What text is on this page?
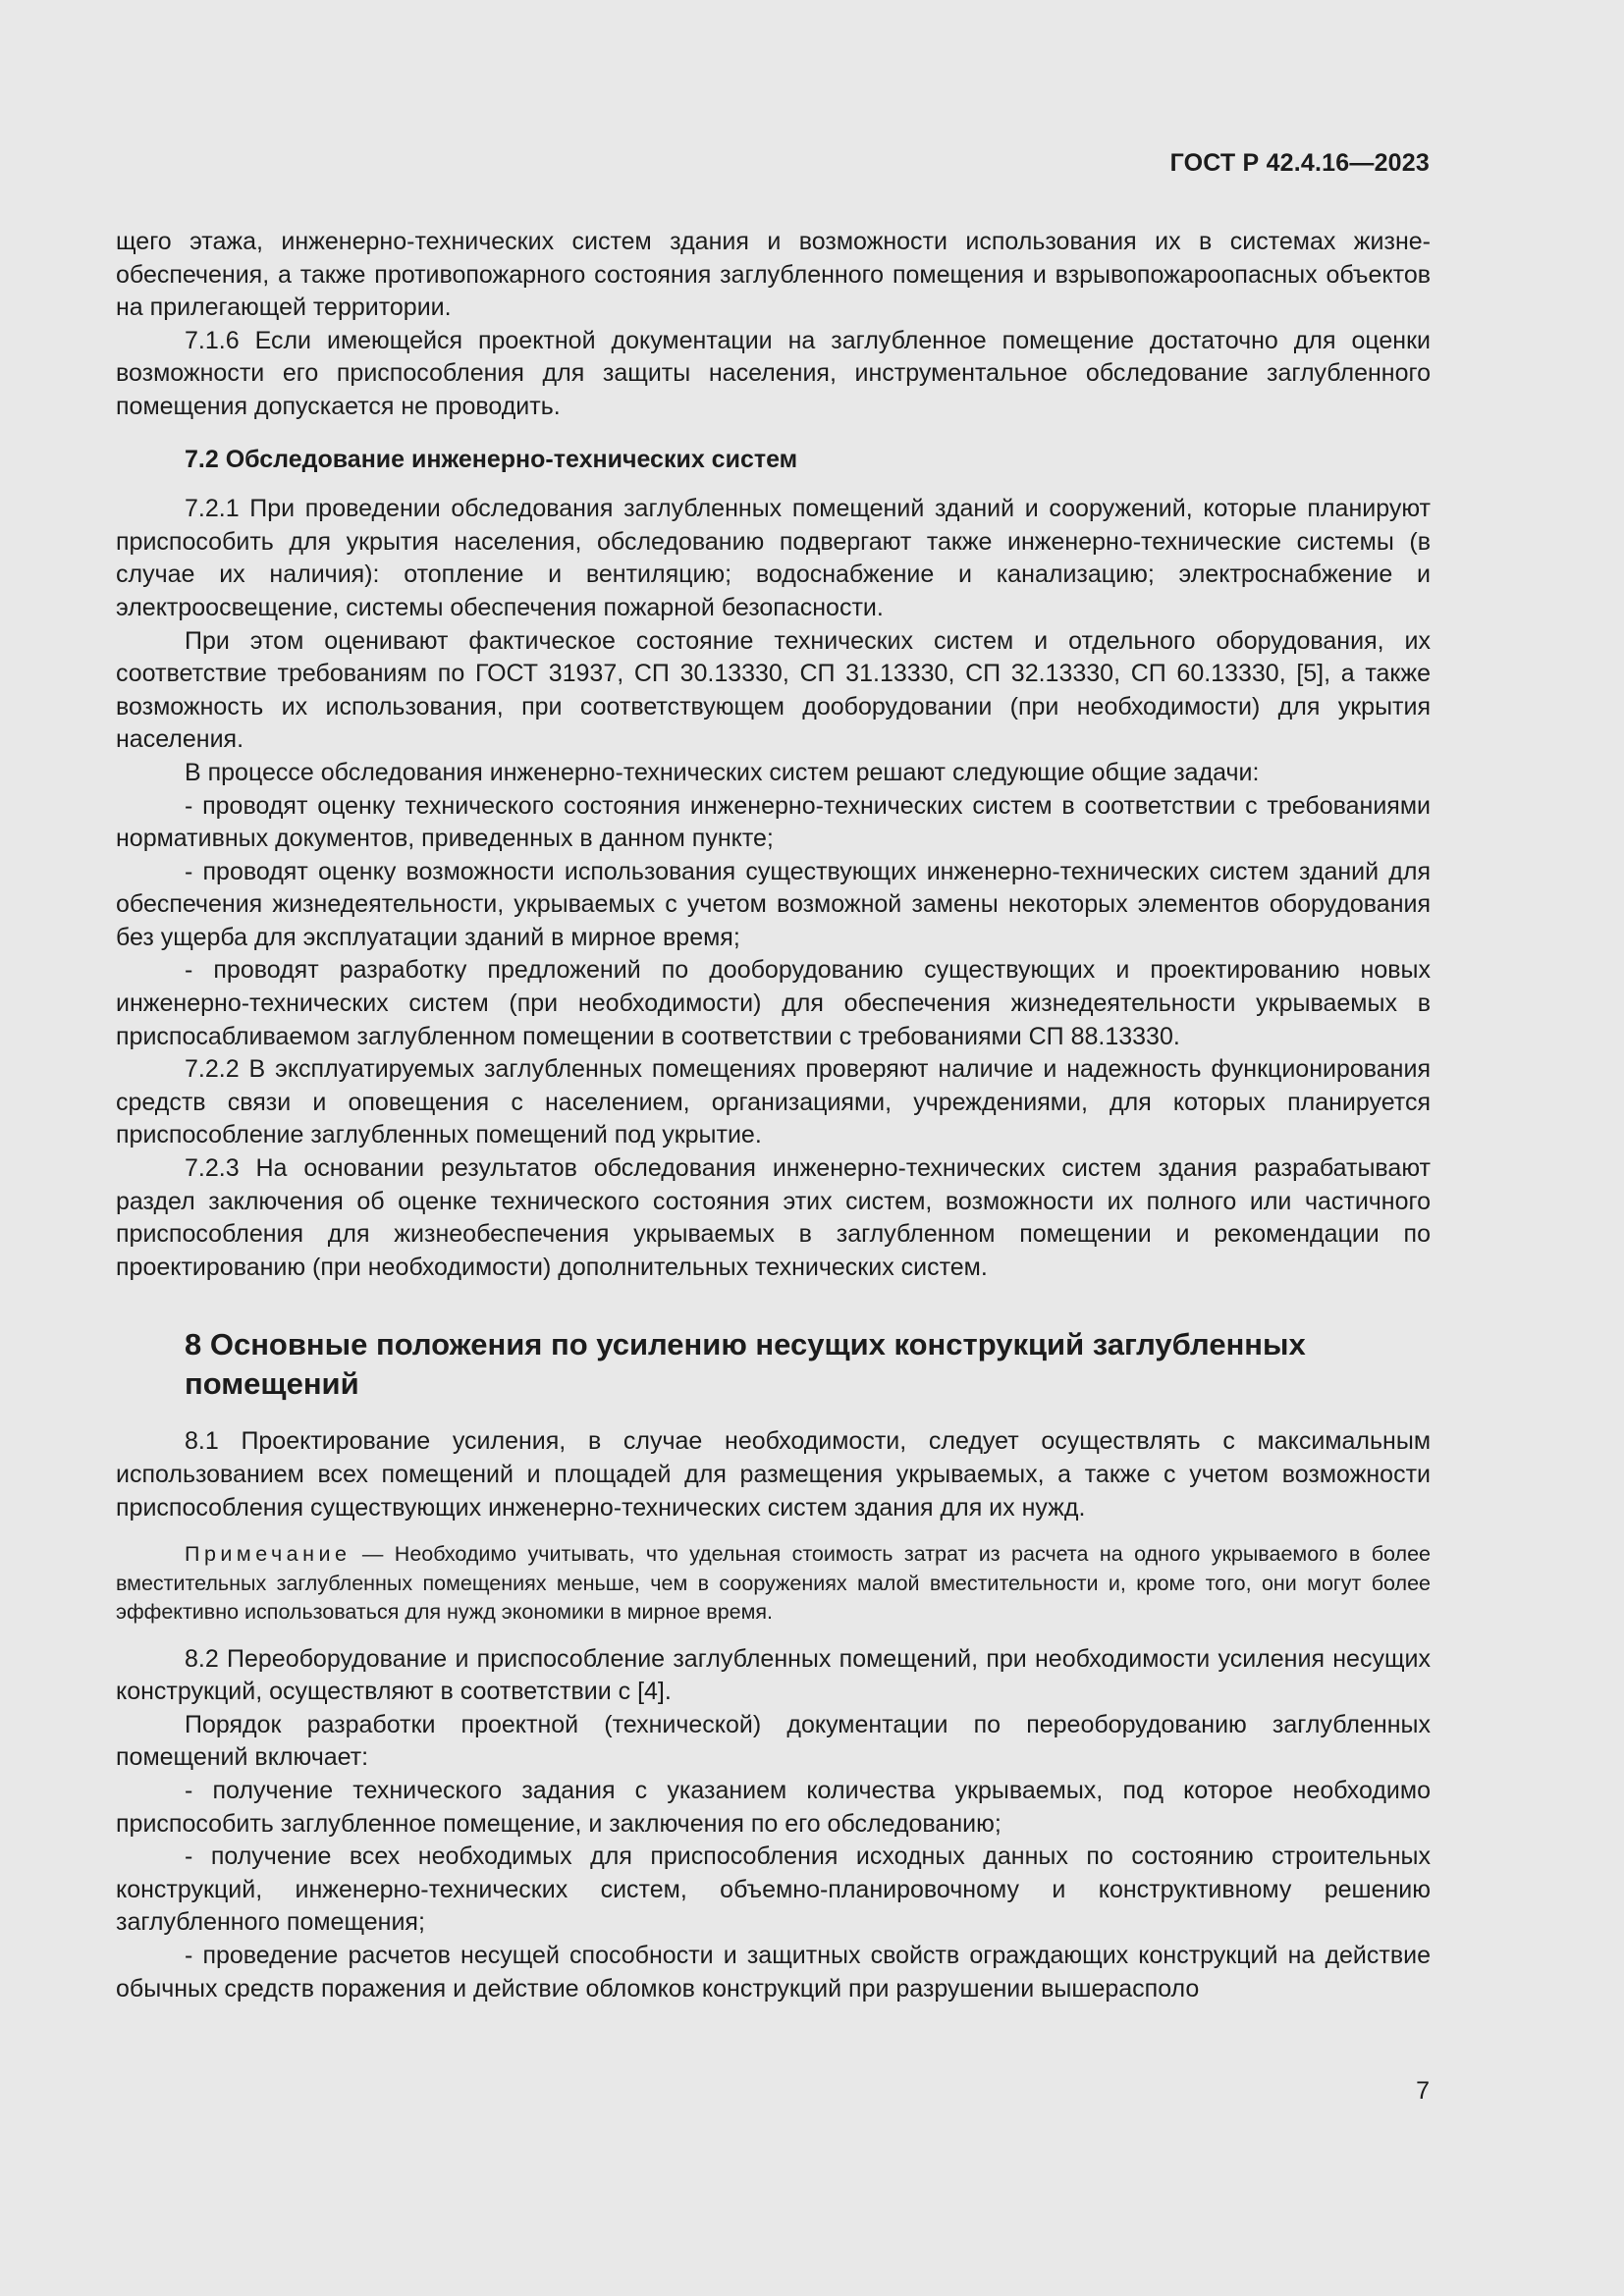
ГОСТ Р 42.4.16—2023

щего этажа, инженерно-технических систем здания и возможности использования их в системах жизнеобеспечения, а также противопожарного состояния заглубленного помещения и взрывопожароопасных объектов на прилегающей территории.

7.1.6 Если имеющейся проектной документации на заглубленное помещение достаточно для оценки возможности его приспособления для защиты населения, инструментальное обследование заглубленного помещения допускается не проводить.

7.2 Обследование инженерно-технических систем

7.2.1 При проведении обследования заглубленных помещений зданий и сооружений, которые планируют приспособить для укрытия населения, обследованию подвергают также инженерно-технические системы (в случае их наличия): отопление и вентиляцию; водоснабжение и канализацию; электроснабжение и электроосвещение, системы обеспечения пожарной безопасности.

При этом оценивают фактическое состояние технических систем и отдельного оборудования, их соответствие требованиям по ГОСТ 31937, СП 30.13330, СП 31.13330, СП 32.13330, СП 60.13330, [5], а также возможность их использования, при соответствующем дооборудовании (при необходимости) для укрытия населения.

В процессе обследования инженерно-технических систем решают следующие общие задачи:

- проводят оценку технического состояния инженерно-технических систем в соответствии с требованиями нормативных документов, приведенных в данном пункте;

- проводят оценку возможности использования существующих инженерно-технических систем зданий для обеспечения жизнедеятельности, укрываемых с учетом возможной замены некоторых элементов оборудования без ущерба для эксплуатации зданий в мирное время;

- проводят разработку предложений по дооборудованию существующих и проектированию новых инженерно-технических систем (при необходимости) для обеспечения жизнедеятельности укрываемых в приспосабливаемом заглубленном помещении в соответствии с требованиями СП 88.13330.

7.2.2 В эксплуатируемых заглубленных помещениях проверяют наличие и надежность функционирования средств связи и оповещения с населением, организациями, учреждениями, для которых планируется приспособление заглубленных помещений под укрытие.

7.2.3 На основании результатов обследования инженерно-технических систем здания разрабатывают раздел заключения об оценке технического состояния этих систем, возможности их полного или частичного приспособления для жизнеобеспечения укрываемых в заглубленном помещении и рекомендации по проектированию (при необходимости) дополнительных технических систем.

8 Основные положения по усилению несущих конструкций заглубленных помещений

8.1 Проектирование усиления, в случае необходимости, следует осуществлять с максимальным использованием всех помещений и площадей для размещения укрываемых, а также с учетом возможности приспособления существующих инженерно-технических систем здания для их нужд.

Примечание — Необходимо учитывать, что удельная стоимость затрат из расчета на одного укрываемого в более вместительных заглубленных помещениях меньше, чем в сооружениях малой вместительности и, кроме того, они могут более эффективно использоваться для нужд экономики в мирное время.

8.2 Переоборудование и приспособление заглубленных помещений, при необходимости усиления несущих конструкций, осуществляют в соответствии с [4].

Порядок разработки проектной (технической) документации по переоборудованию заглубленных помещений включает:

- получение технического задания с указанием количества укрываемых, под которое необходимо приспособить заглубленное помещение, и заключения по его обследованию;

- получение всех необходимых для приспособления исходных данных по состоянию строительных конструкций, инженерно-технических систем, объемно-планировочному и конструктивному решению заглубленного помещения;

- проведение расчетов несущей способности и защитных свойств ограждающих конструкций на действие обычных средств поражения и действие обломков конструкций при разрушении вышерасполо

7
